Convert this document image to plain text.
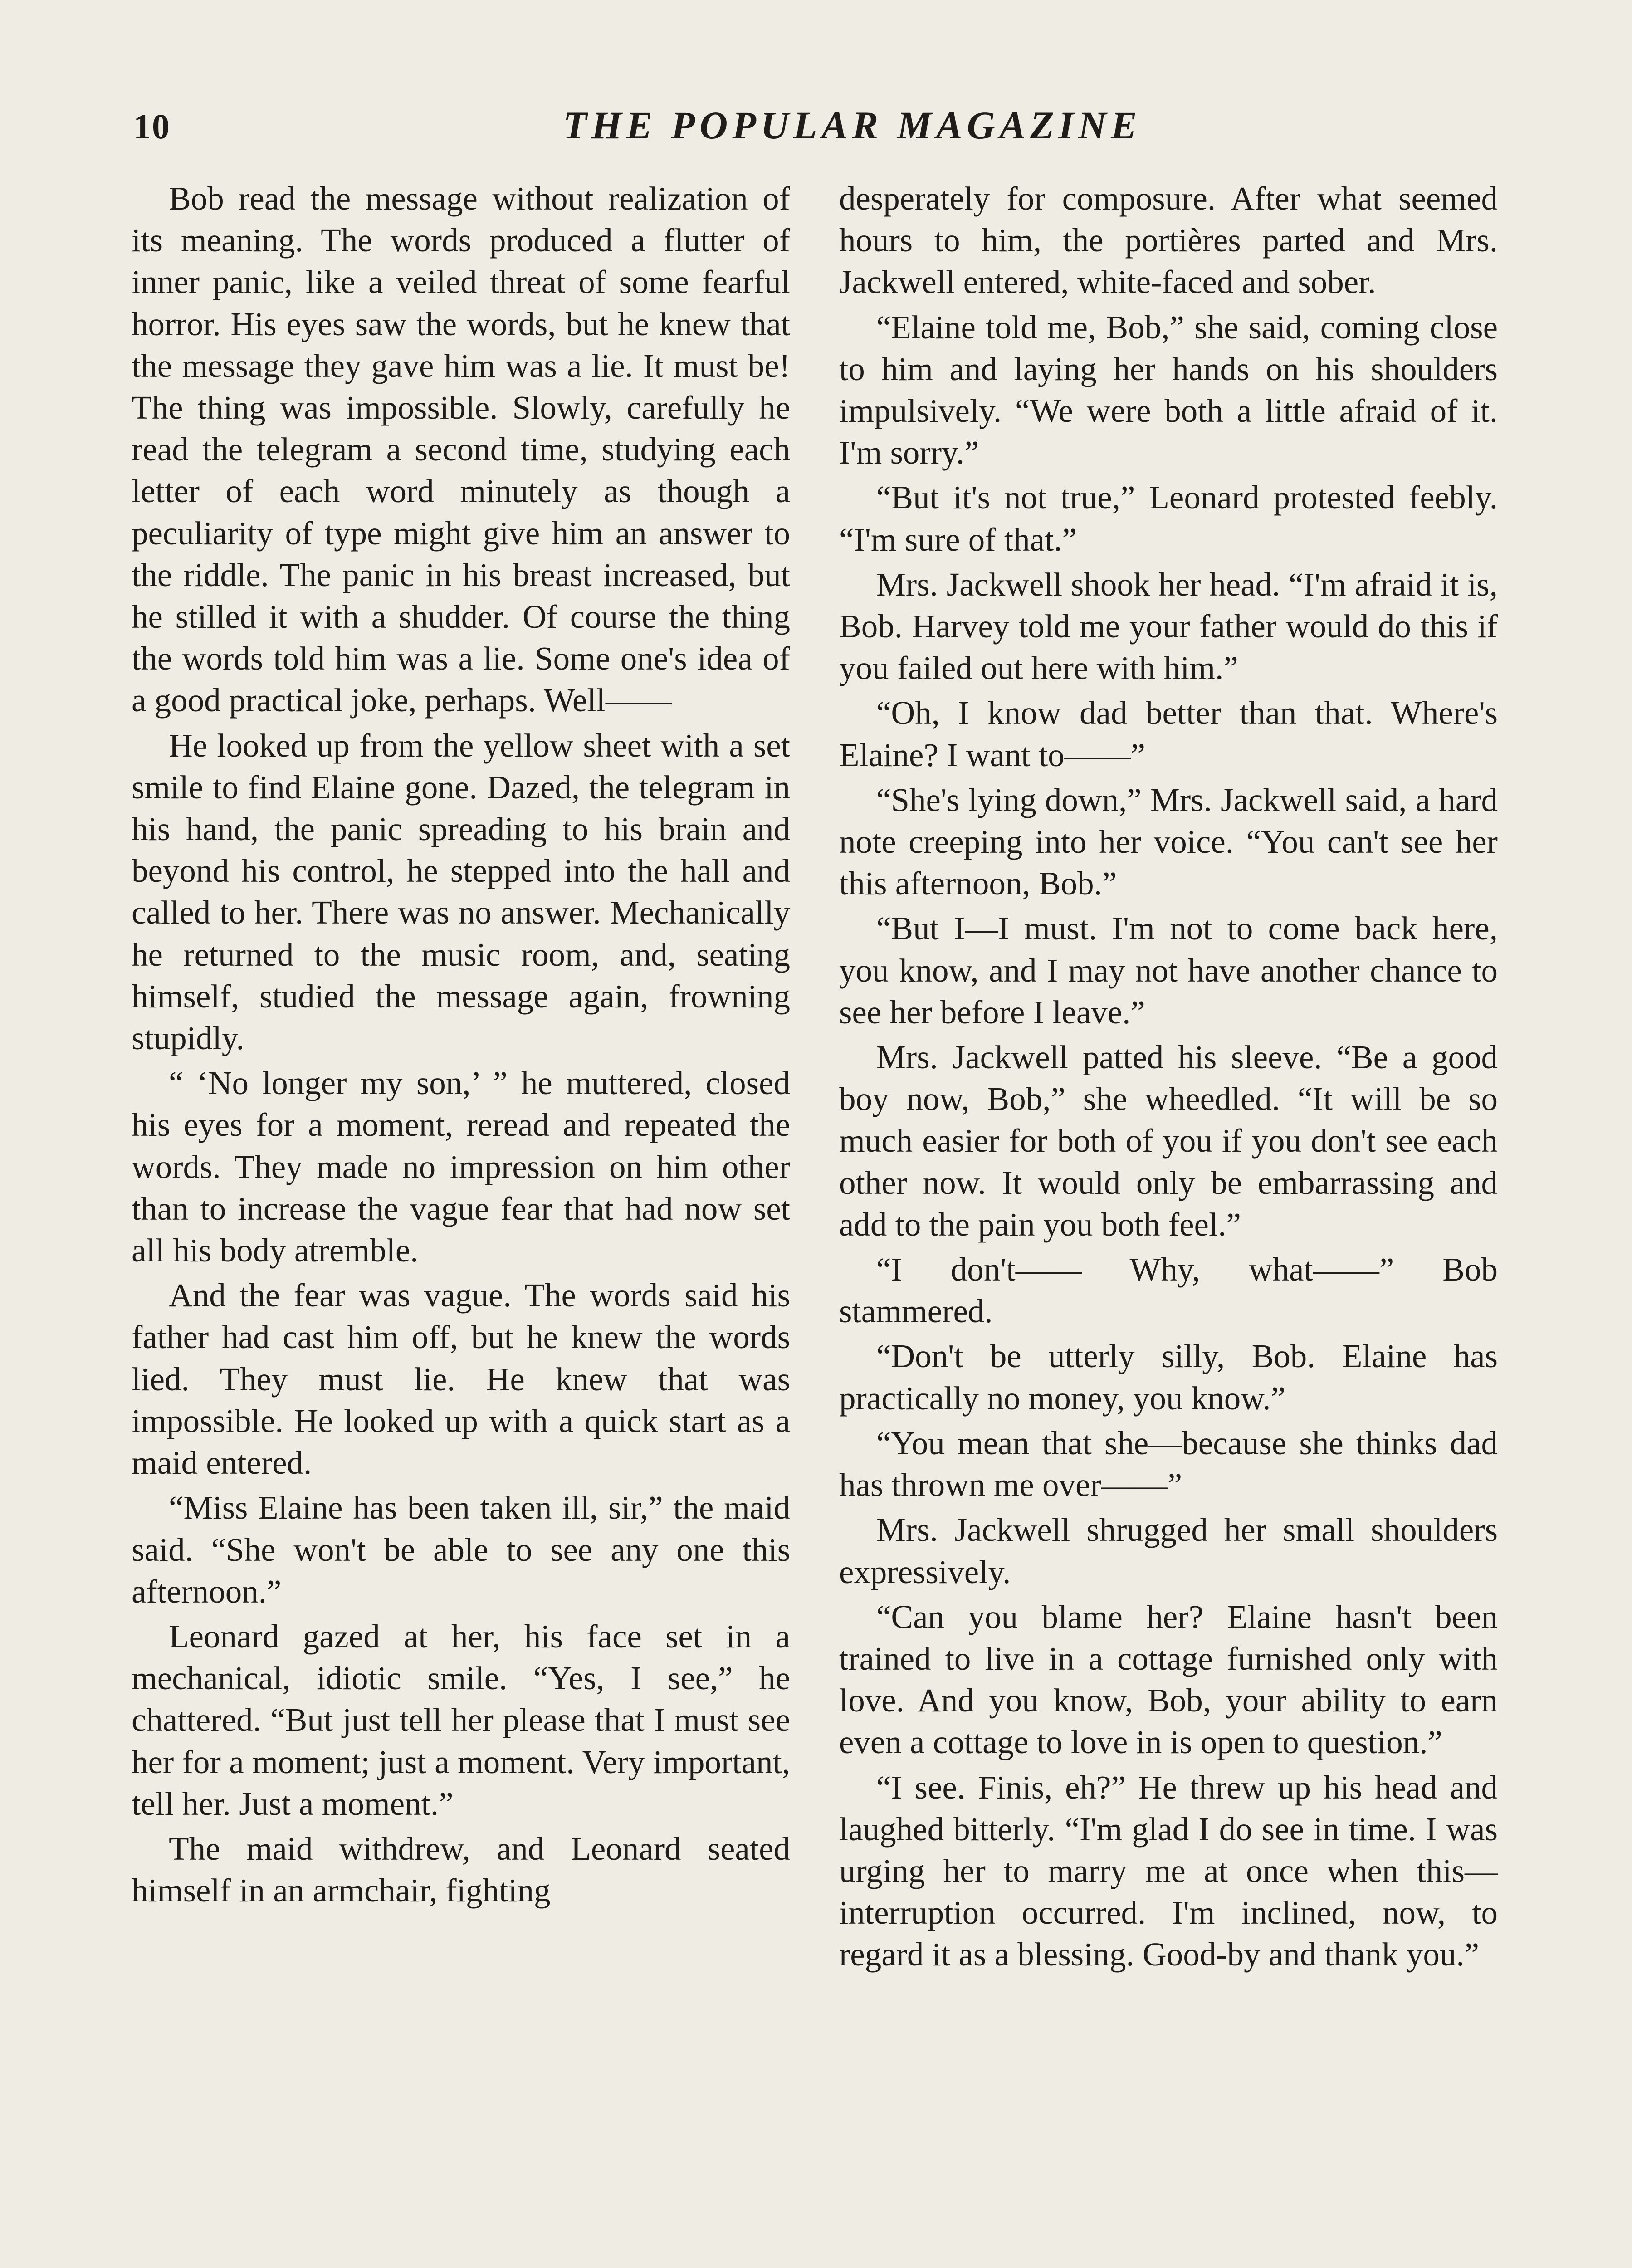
10	THE POPULAR MAGAZINE

Bob read the message without realization of its meaning. The words produced a flutter of inner panic, like a veiled threat of some fearful horror. His eyes saw the words, but he knew that the message they gave him was a lie. It must be! The thing was impossible. Slowly, carefully he read the telegram a second time, studying each letter of each word minutely as though a peculiarity of type might give him an answer to the riddle. The panic in his breast increased, but he stilled it with a shudder. Of course the thing the words told him was a lie. Some one's idea of a good practical joke, perhaps. Well——

He looked up from the yellow sheet with a set smile to find Elaine gone. Dazed, the telegram in his hand, the panic spreading to his brain and beyond his control, he stepped into the hall and called to her. There was no answer. Mechanically he returned to the music room, and, seating himself, studied the message again, frowning stupidly.

“ ‘No longer my son,’ ” he muttered, closed his eyes for a moment, reread and repeated the words. They made no impression on him other than to increase the vague fear that had now set all his body atremble.

And the fear was vague. The words said his father had cast him off, but he knew the words lied. They must lie. He knew that was impossible. He looked up with a quick start as a maid entered.

“Miss Elaine has been taken ill, sir,” the maid said. “She won't be able to see any one this afternoon.”

Leonard gazed at her, his face set in a mechanical, idiotic smile. “Yes, I see,” he chattered. “But just tell her please that I must see her for a moment; just a moment. Very important, tell her. Just a moment.”

The maid withdrew, and Leonard seated himself in an armchair, fighting

desperately for composure. After what seemed hours to him, the portières parted and Mrs. Jackwell entered, white-faced and sober.

“Elaine told me, Bob,” she said, coming close to him and laying her hands on his shoulders impulsively. “We were both a little afraid of it. I'm sorry.”

“But it's not true,” Leonard protested feebly. “I'm sure of that.”

Mrs. Jackwell shook her head. “I'm afraid it is, Bob. Harvey told me your father would do this if you failed out here with him.”

“Oh, I know dad better than that. Where's Elaine? I want to——”

“She's lying down,” Mrs. Jackwell said, a hard note creeping into her voice. “You can't see her this afternoon, Bob.”

“But I—I must. I'm not to come back here, you know, and I may not have another chance to see her before I leave.”

Mrs. Jackwell patted his sleeve. “Be a good boy now, Bob,” she wheedled. “It will be so much easier for both of you if you don't see each other now. It would only be embarrassing and add to the pain you both feel.”

“I don't—— Why, what——” Bob stammered.

“Don't be utterly silly, Bob. Elaine has practically no money, you know.”

“You mean that she—because she thinks dad has thrown me over——”

Mrs. Jackwell shrugged her small shoulders expressively.

“Can you blame her? Elaine hasn't been trained to live in a cottage furnished only with love. And you know, Bob, your ability to earn even a cottage to love in is open to question.”

“I see. Finis, eh?” He threw up his head and laughed bitterly. “I'm glad I do see in time. I was urging her to marry me at once when this—interruption occurred. I'm inclined, now, to regard it as a blessing. Good-by and thank you.”
